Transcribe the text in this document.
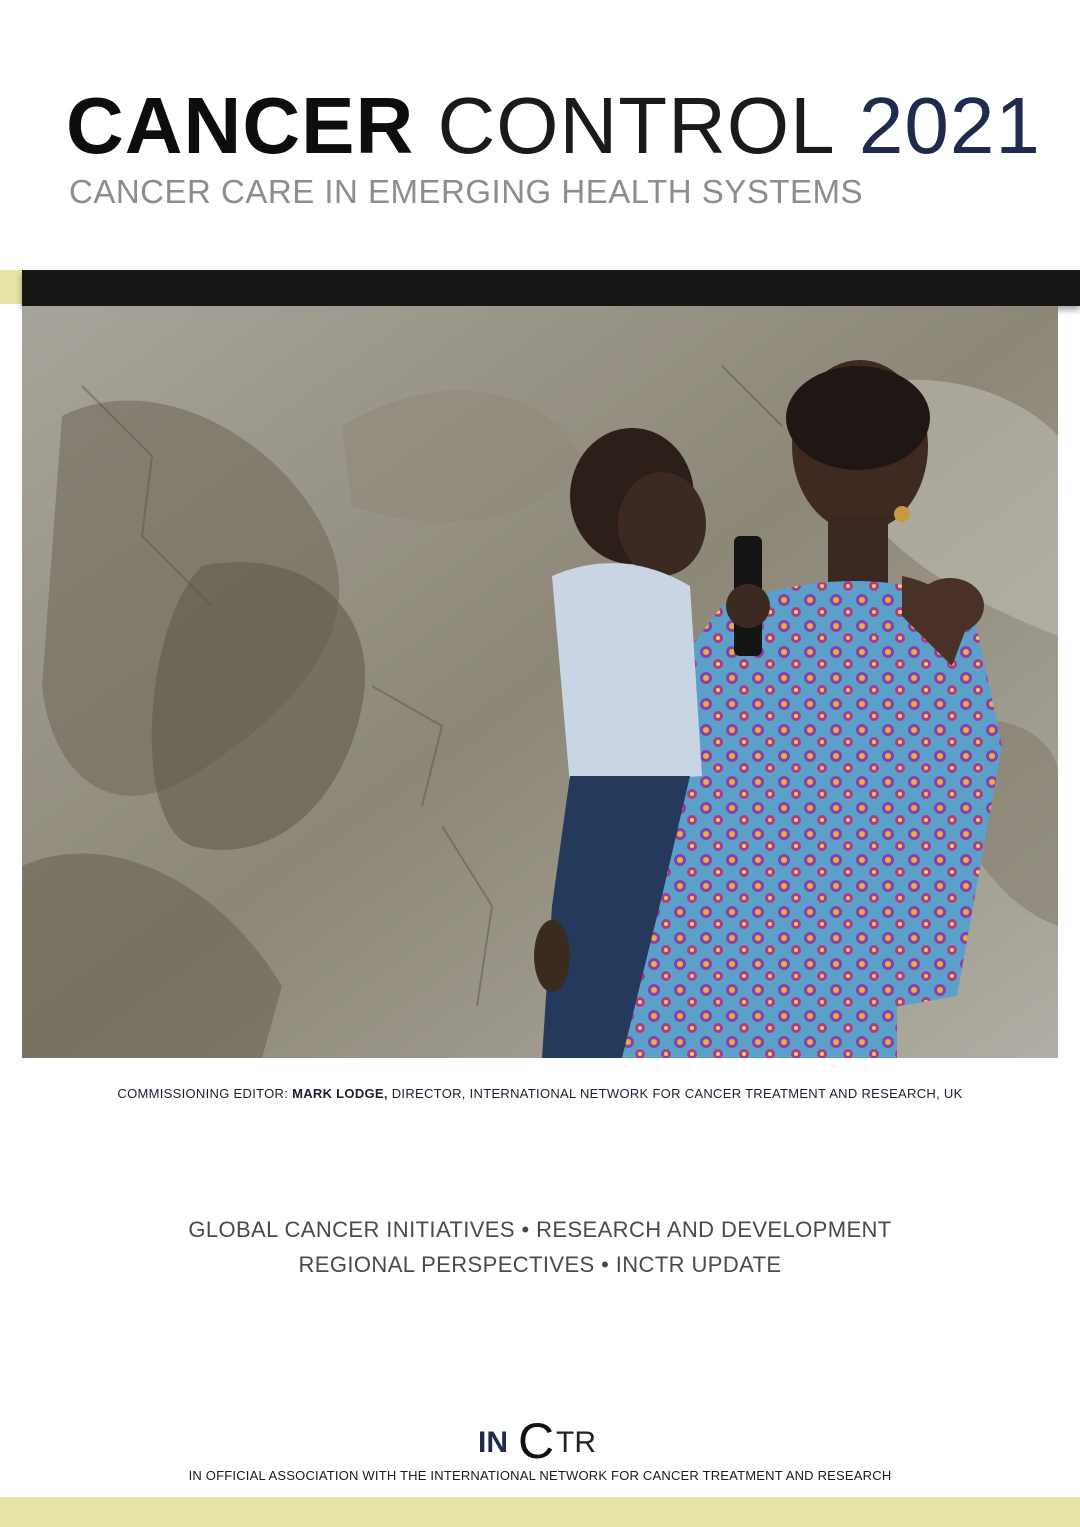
CANCER CONTROL 2021

CANCER CARE IN EMERGING HEALTH SYSTEMS

COMMISSIONING EDITOR: MARK LODGE, DIRECTOR, INTERNATIONAL NETWORK FOR CANCER TREATMENT AND RESEARCH, UK
GLOBAL CANCER INITIATIVES • RESEARCH AND DEVELOPMENT
REGIONAL PERSPECTIVES • INCTR UPDATE
IN C TR
IN OFFICIAL ASSOCIATION WITH THE INTERNATIONAL NETWORK FOR CANCER TREATMENT AND RESEARCH
